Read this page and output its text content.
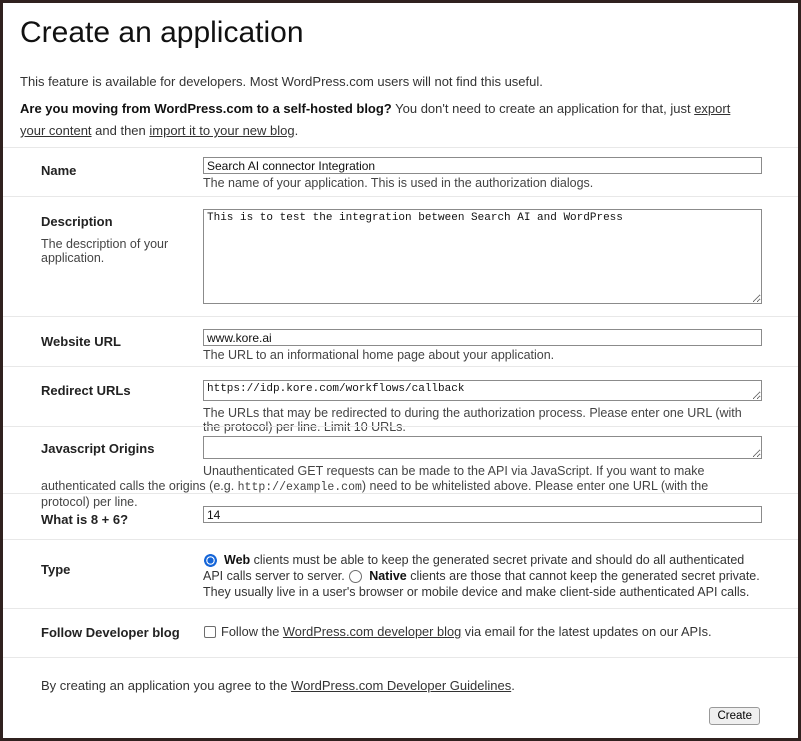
Create an application

This feature is available for developers. Most WordPress.com users will not find this useful.

Are you moving from WordPress.com to a self-hosted blog? You don't need to create an application for that, just export your content and then import it to your new blog.

Name
Search AI connector Integration

The name of your application. This is used in the authorization dialogs.

Description
The description of your application.
This is to test the integration between Search AI and WordPress
Website URL
www.kore.ai

The URL to an informational home page about your application.

Redirect URLs
https://idp.kore.com/workflows/callback

The URLs that may be redirected to during the authorization process. Please enter one URL (with the protocol) per line. Limit 10 URLs.

Javascript Origins

Unauthenticated GET requests can be made to the API via JavaScript. If you want to make authenticated calls the origins (e.g. http://example.com) need to be whitelisted above. Please enter one URL (with the protocol) per line.

What is 8 + 6?
14
Type
Web clients must be able to keep the generated secret private and should do all authenticated API calls server to server. Native clients are those that cannot keep the generated secret private. They usually live in a user's browser or mobile device and make client-side authenticated API calls.
Follow Developer blog	Follow the WordPress.com developer blog via email for the latest updates on our APIs.

By creating an application you agree to the WordPress.com Developer Guidelines.

Create
